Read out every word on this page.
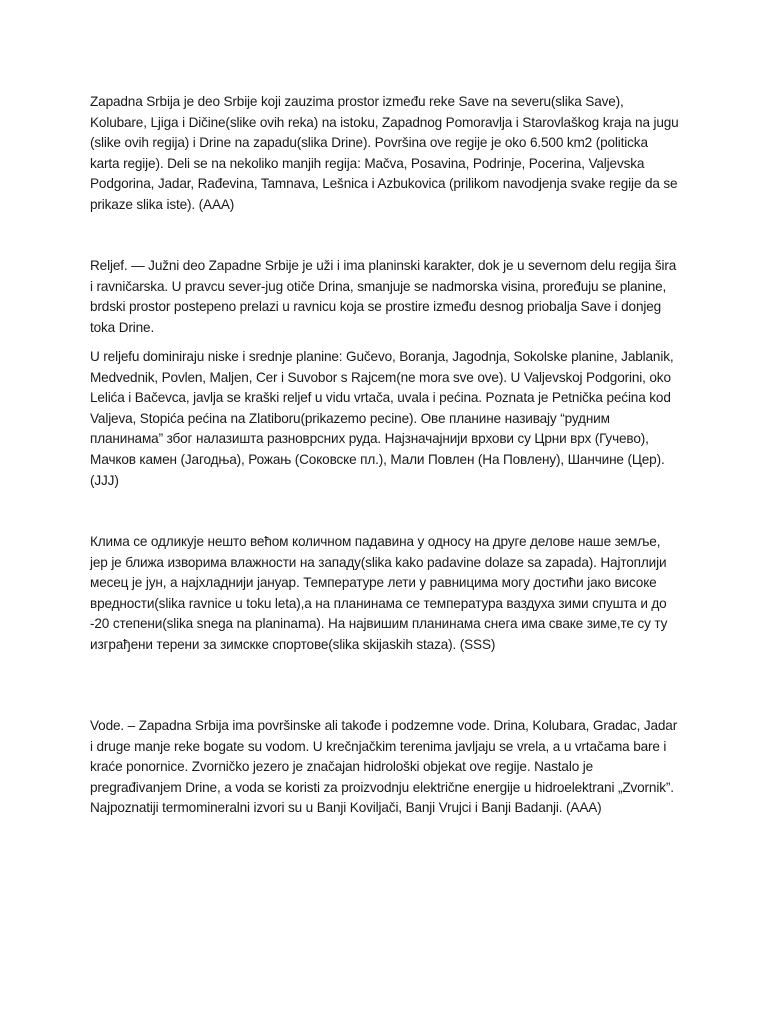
Zapadna Srbija je deo Srbije koji zauzima prostor između reke Save na severu(slika Save), Kolubare, Ljiga i Dičine(slike ovih reka) na istoku, Zapadnog Pomoravlja i Starovlaškog kraja na jugu (slike ovih regija) i Drine na zapadu(slika Drine). Površina ove regije je oko 6.500 km2 (politicka karta regije). Deli se na nekoliko manjih regija: Mačva, Posavina, Podrinje, Pocerina, Valjevska Podgorina, Jadar, Rađevina, Tamnava, Lešnica i Azbukovica (prilikom navodjenja svake regije da se prikaze slika iste). (AAA)

Reljef. — Južni deo Zapadne Srbije je uži i ima planinski karakter, dok je u severnom delu regija šira i ravničarska. U pravcu sever-jug otiče Drina, smanjuje se nadmorska visina, proređuju se planine, brdski prostor postepeno prelazi u ravnicu koja se prostire između desnog priobalja Save i donjeg toka Drine.

U reljefu dominiraju niske i srednje planine: Gučevo, Boranja, Jagodnja, Sokolske planine, Jablanik, Medvednik, Povlen, Maljen, Cer i Suvobor s Rajcem(ne mora sve ove). U Valjevskoj Podgorini, oko Lelića i Bačevca, javlja se kraški reljef u vidu vrtača, uvala i pećina. Poznata je Petnička pećina kod Valjeva, Stopića pećina na Zlatiboru(prikazemo pecine). Ове планине називају “рудним планинама” због налазишта разноврсних руда. Најзначајнији врхови су Црни врх (Гучево), Мачков камен (Јагодња), Рожањ (Соковске пл.), Мали Повлен (На Повлену), Шанчине (Цер). (JJJ)

Клима се одликује нешто већом количном падавина у односу на друге делове наше земље, јер је ближа изворима влажности на западу(slika kako padavine dolaze sa zapada). Најтоплији месец је јун, а најхладнији јануар. Температуре лети у равницима могу достићи јако високе вредности(slika ravnice u toku leta),а на планинама се температура ваздуха зими спушта и до -20 степени(slika snega na planinama). На највишим планинама снега има сваке зиме,те су ту изграђени терени за зимскке спортове(slika skijaskih staza). (SSS)

Vode. – Zapadna Srbija ima površinske ali takođe i podzemne vode. Drina, Kolubara, Gradac, Jadar i druge manje reke bogate su vodom. U krečnjačkim terenima javljaju se vrela, a u vrtačama bare i kraće ponornice. Zvorničko jezero je značajan hidrološki objekat ove regije. Nastalo je pregrađivanjem Drine, a voda se koristi za proizvodnju električne energije u hidroelektrani „Zvornik”. Najpoznatiji termomineralni izvori su u Banji Koviljači, Banji Vrujci i Banji Badanji. (AAA)
